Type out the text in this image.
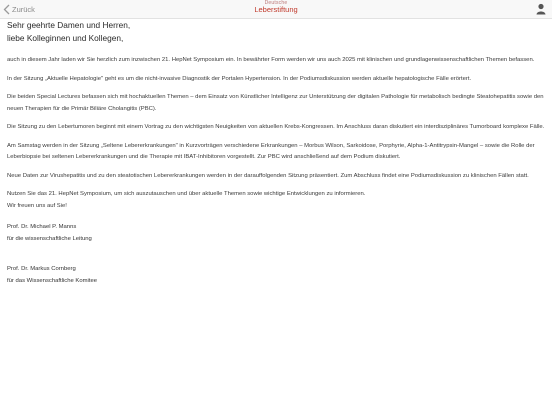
Zurück
Deutsche
Leberstiftung
Sehr geehrte Damen und Herren,
liebe Kolleginnen und Kollegen,

auch in diesem Jahr laden wir Sie herzlich zum inzwischen 21. HepNet Symposium ein. In bewährter Form werden wir uns auch 2025 mit klinischen und grundlagenwissenschaftlichen Themen befassen.

In der Sitzung „Aktuelle Hepatologie" geht es um die nicht-invasive Diagnostik der Portalen Hypertension. In der Podiumsdiskussion werden aktuelle hepatologische Fälle erörtert.

Die beiden Special Lectures befassen sich mit hochaktuellen Themen – dem Einsatz von Künstlicher Intelligenz zur Unterstützung der digitalen Pathologie für metabolisch bedingte Steatohepatitis sowie den neuen Therapien für die Primär Biliäre Cholangitis (PBC).

Die Sitzung zu den Lebertumoren beginnt mit einem Vortrag zu den wichtigsten Neuigkeiten von aktuellen Krebs-Kongressen. Im Anschluss daran diskutiert ein interdisziplinäres Tumorboard komplexe Fälle.

Am Samstag werden in der Sitzung „Seltene Lebererkrankungen" in Kurzvorträgen verschiedene Erkrankungen – Morbus Wilson, Sarkoidose, Porphyrie, Alpha-1-Antitrypsin-Mangel – sowie die Rolle der Leberbiopsie bei seltenen Lebererkrankungen und die Therapie mit IBAT-Inhibitoren vorgestellt. Zur PBC wird anschließend auf dem Podium diskutiert.

Neue Daten zur Virushepatitis und zu den steatotischen Lebererkrankungen werden in der darauffolgenden Sitzung präsentiert. Zum Abschluss findet eine Podiumsdiskussion zu klinischen Fällen statt.

Nutzen Sie das 21. HepNet Symposium, um sich auszutauschen und über aktuelle Themen sowie wichtige Entwicklungen zu informieren.

Wir freuen uns auf Sie!

Prof. Dr. Michael P. Manns

für die wissenschaftliche Leitung

Prof. Dr. Markus Cornberg

für das Wissenschaftliche Komitee
